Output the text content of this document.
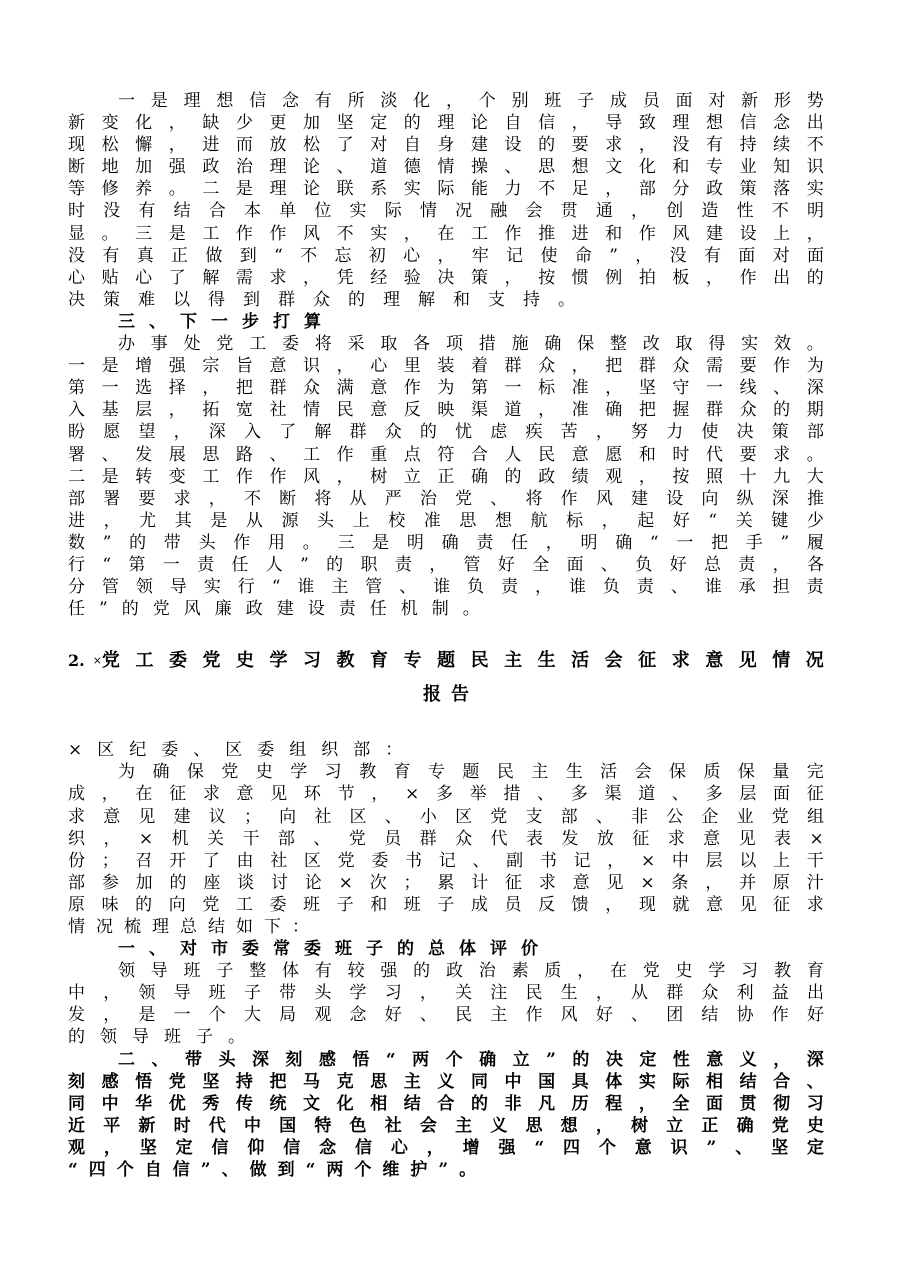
一 是 理 想 信 念 有 所 淡 化 ， 个 别 班 子 成 员 面 对 新 形 势
新 变 化 ， 缺 少 更 加 坚 定 的 理 论 自 信 ， 导 致 理 想 信 念 出
现 松 懈 ， 进 而 放 松 了 对 自 身 建 设 的 要 求 ， 没 有 持 续 不
断 地 加 强 政 治 理 论 、 道 德 情 操 、 思 想 文 化 和 专 业 知 识
等 修 养 。 二 是 理 论 联 系 实 际 能 力 不 足 ， 部 分 政 策 落 实
时 没 有 结 合 本 单 位 实 际 情 况 融 会 贯 通 ， 创 造 性 不 明
显 。 三 是 工 作 作 风 不 实 ， 在 工 作 推 进 和 作 风 建 设 上 ，
没 有 真 正 做 到 “ 不 忘 初 心 ， 牢 记 使 命 ” ， 没 有 面 对 面
心 贴 心 了 解 需 求 ， 凭 经 验 决 策 ， 按 惯 例 拍 板 ， 作 出 的
决 策 难 以 得 到 群 众 的 理 解 和 支 持 。
三 、 下 一 步 打 算
办 事 处 党 工 委 将 采 取 各 项 措 施 确 保 整 改 取 得 实 效 。
一 是 增 强 宗 旨 意 识 ， 心 里 装 着 群 众 ， 把 群 众 需 要 作 为
第 一 选 择 ， 把 群 众 满 意 作 为 第 一 标 准 ， 坚 守 一 线 、 深
入 基 层 ， 拓 宽 社 情 民 意 反 映 渠 道 ， 准 确 把 握 群 众 的 期
盼 愿 望 ， 深 入 了 解 群 众 的 忧 虑 疾 苦 ， 努 力 使 决 策 部
署 、 发 展 思 路 、 工 作 重 点 符 合 人 民 意 愿 和 时 代 要 求 。
二 是 转 变 工 作 作 风 ， 树 立 正 确 的 政 绩 观 ， 按 照 十 九 大
部 署 要 求 ， 不 断 将 从 严 治 党 、 将 作 风 建 设 向 纵 深 推
进 ， 尤 其 是 从 源 头 上 校 准 思 想 航 标 ， 起 好 “ 关 键 少
数 ” 的 带 头 作 用 。 三 是 明 确 责 任 ， 明 确 “ 一 把 手 ” 履
行 “ 第 一 责 任 人 ” 的 职 责 ， 管 好 全 面 、 负 好 总 责 ， 各
分 管 领 导 实 行 “ 谁 主 管 、 谁 负 责 ， 谁 负 责 、 谁 承 担 责
任 ” 的 党 风 廉 政 建 设 责 任 机 制 。
2. × 党 工 委 党 史 学 习 教 育 专 题 民 主 生 活 会 征 求 意 见 情 况
报 告
× 区 纪 委 、 区 委 组 织 部 ：
为 确 保 党 史 学 习 教 育 专 题 民 主 生 活 会 保 质 保 量 完
成 ， 在 征 求 意 见 环 节 ， × 多 举 措 、 多 渠 道 、 多 层 面 征
求 意 见 建 议 ； 向 社 区 、 小 区 党 支 部 、 非 公 企 业 党 组
织 ， × 机 关 干 部 、 党 员 群 众 代 表 发 放 征 求 意 见 表 ×
份 ； 召 开 了 由 社 区 党 委 书 记 、 副 书 记 ， × 中 层 以 上 干
部 参 加 的 座 谈 讨 论 × 次 ； 累 计 征 求 意 见 × 条 ， 并 原 汁
原 味 的 向 党 工 委 班 子 和 班 子 成 员 反 馈 ， 现 就 意 见 征 求
情 况 梳 理 总 结 如 下 ：
一 、 对 市 委 常 委 班 子 的 总 体 评 价
领 导 班 子 整 体 有 较 强 的 政 治 素 质 ， 在 党 史 学 习 教 育
中 ， 领 导 班 子 带 头 学 习 ， 关 注 民 生 ， 从 群 众 利 益 出
发 ， 是 一 个 大 局 观 念 好 、 民 主 作 风 好 、 团 结 协 作 好
的 领 导 班 子 。
二 、 带 头 深 刻 感 悟 “ 两 个 确 立 ” 的 决 定 性 意 义 ， 深
刻 感 悟 党 坚 持 把 马 克 思 主 义 同 中 国 具 体 实 际 相 结 合 、
同 中 华 优 秀 传 统 文 化 相 结 合 的 非 凡 历 程 ， 全 面 贯 彻 习
近 平 新 时 代 中 国 特 色 社 会 主 义 思 想 ， 树 立 正 确 党 史
观 ， 坚 定 信 仰 信 念 信 心 ， 增 强 “ 四 个 意 识 ” 、 坚 定
“ 四 个 自 信 ” 、 做 到 “ 两 个 维 护 ” 。
